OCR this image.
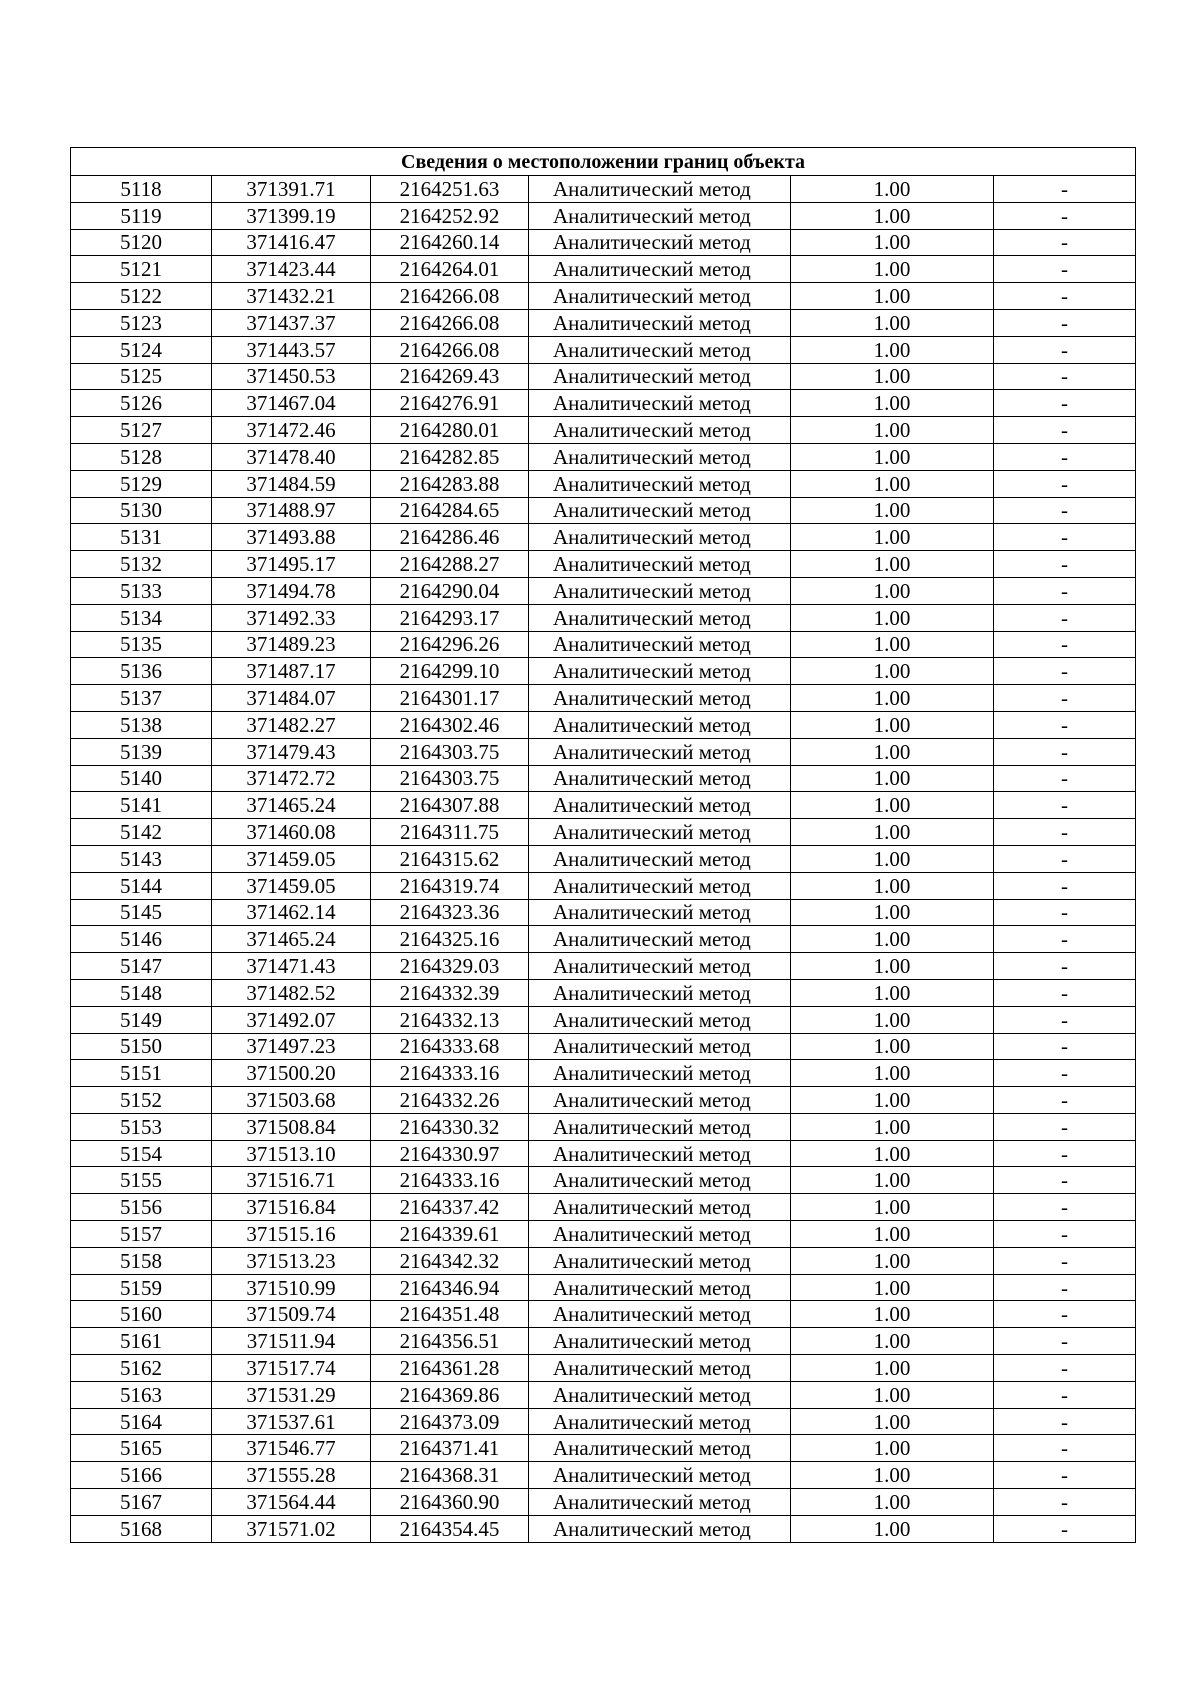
Сведения о местоположении границ объекта					
5118	371391.71	2164251.63	Аналитический метод	1.00	-
5119	371399.19	2164252.92	Аналитический метод	1.00	-
5120	371416.47	2164260.14	Аналитический метод	1.00	-
5121	371423.44	2164264.01	Аналитический метод	1.00	-
5122	371432.21	2164266.08	Аналитический метод	1.00	-
5123	371437.37	2164266.08	Аналитический метод	1.00	-
5124	371443.57	2164266.08	Аналитический метод	1.00	-
5125	371450.53	2164269.43	Аналитический метод	1.00	-
5126	371467.04	2164276.91	Аналитический метод	1.00	-
5127	371472.46	2164280.01	Аналитический метод	1.00	-
5128	371478.40	2164282.85	Аналитический метод	1.00	-
5129	371484.59	2164283.88	Аналитический метод	1.00	-
5130	371488.97	2164284.65	Аналитический метод	1.00	-
5131	371493.88	2164286.46	Аналитический метод	1.00	-
5132	371495.17	2164288.27	Аналитический метод	1.00	-
5133	371494.78	2164290.04	Аналитический метод	1.00	-
5134	371492.33	2164293.17	Аналитический метод	1.00	-
5135	371489.23	2164296.26	Аналитический метод	1.00	-
5136	371487.17	2164299.10	Аналитический метод	1.00	-
5137	371484.07	2164301.17	Аналитический метод	1.00	-
5138	371482.27	2164302.46	Аналитический метод	1.00	-
5139	371479.43	2164303.75	Аналитический метод	1.00	-
5140	371472.72	2164303.75	Аналитический метод	1.00	-
5141	371465.24	2164307.88	Аналитический метод	1.00	-
5142	371460.08	2164311.75	Аналитический метод	1.00	-
5143	371459.05	2164315.62	Аналитический метод	1.00	-
5144	371459.05	2164319.74	Аналитический метод	1.00	-
5145	371462.14	2164323.36	Аналитический метод	1.00	-
5146	371465.24	2164325.16	Аналитический метод	1.00	-
5147	371471.43	2164329.03	Аналитический метод	1.00	-
5148	371482.52	2164332.39	Аналитический метод	1.00	-
5149	371492.07	2164332.13	Аналитический метод	1.00	-
5150	371497.23	2164333.68	Аналитический метод	1.00	-
5151	371500.20	2164333.16	Аналитический метод	1.00	-
5152	371503.68	2164332.26	Аналитический метод	1.00	-
5153	371508.84	2164330.32	Аналитический метод	1.00	-
5154	371513.10	2164330.97	Аналитический метод	1.00	-
5155	371516.71	2164333.16	Аналитический метод	1.00	-
5156	371516.84	2164337.42	Аналитический метод	1.00	-
5157	371515.16	2164339.61	Аналитический метод	1.00	-
5158	371513.23	2164342.32	Аналитический метод	1.00	-
5159	371510.99	2164346.94	Аналитический метод	1.00	-
5160	371509.74	2164351.48	Аналитический метод	1.00	-
5161	371511.94	2164356.51	Аналитический метод	1.00	-
5162	371517.74	2164361.28	Аналитический метод	1.00	-
5163	371531.29	2164369.86	Аналитический метод	1.00	-
5164	371537.61	2164373.09	Аналитический метод	1.00	-
5165	371546.77	2164371.41	Аналитический метод	1.00	-
5166	371555.28	2164368.31	Аналитический метод	1.00	-
5167	371564.44	2164360.90	Аналитический метод	1.00	-
5168	371571.02	2164354.45	Аналитический метод	1.00	-
